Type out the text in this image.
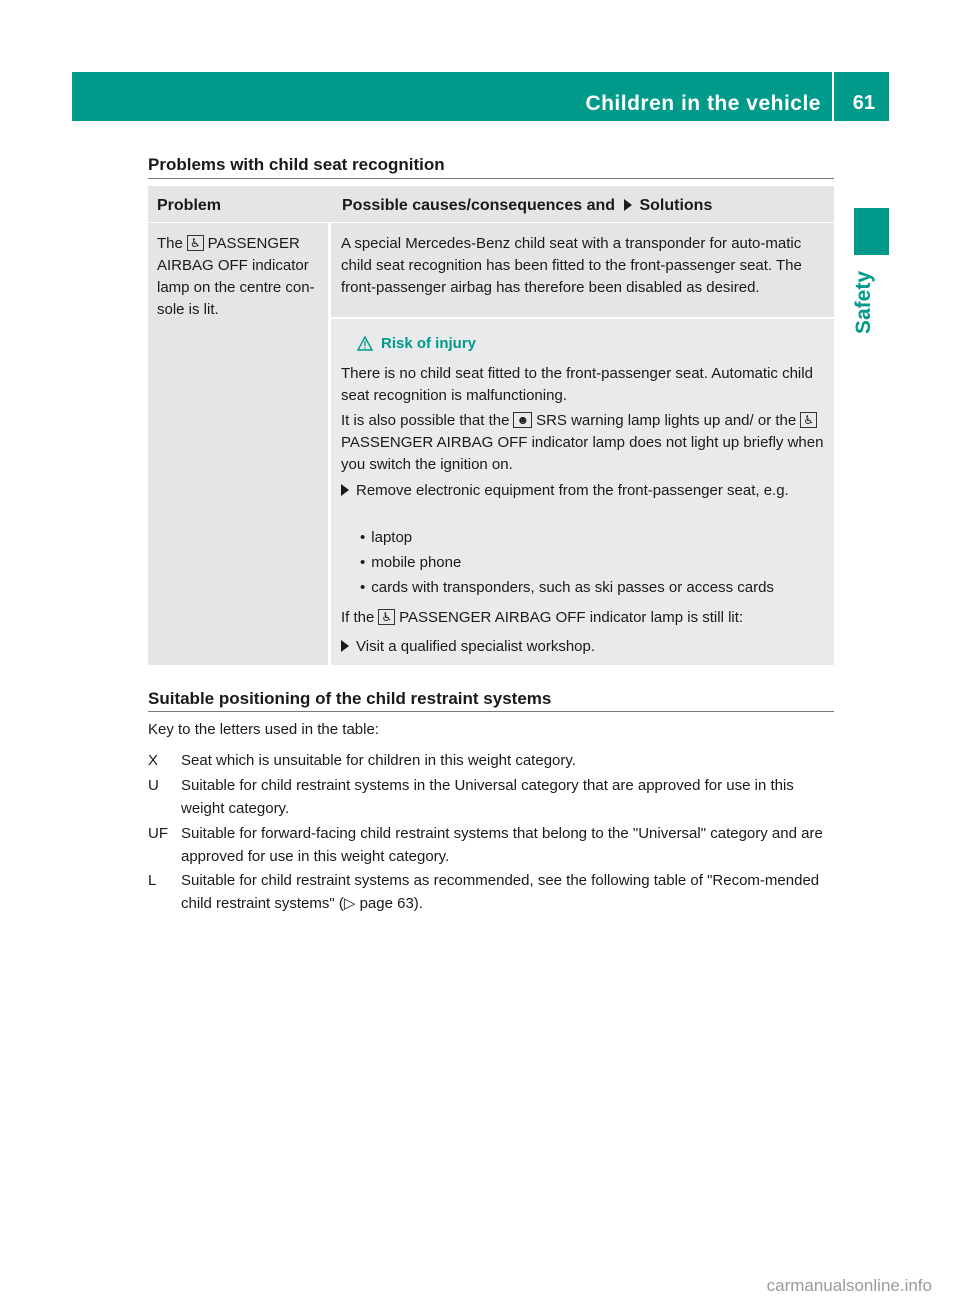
Children in the vehicle 61
Safety
Problems with child seat recognition
Problem	Possible causes/consequences and Solutions

The ♿ PASSENGER AIRBAG OFF indicator lamp on the centre con-sole is lit.

A special Mercedes-Benz child seat with a transponder for auto-matic child seat recognition has been fitted to the front-passenger seat. The front-passenger airbag has therefore been disabled as desired.

Risk of injury

There is no child seat fitted to the front-passenger seat. Automatic child seat recognition is malfunctioning.

It is also possible that the ☻ SRS warning lamp lights up and/ or the ♿PASSENGER AIRBAG OFF indicator lamp does not light up briefly when you switch the ignition on.

Remove electronic equipment from the front-passenger seat, e.g.

• laptop

• mobile phone

• cards with transponders, such as ski passes or access cards

If the ♿ PASSENGER AIRBAG OFF indicator lamp is still lit:

Visit a qualified specialist workshop.

Suitable positioning of the child restraint systems
Key to the letters used in the table:
X Seat which is unsuitable for children in this weight category.
U Suitable for child restraint systems in the Universal category that are approved for use in this weight category.
UF Suitable for forward-facing child restraint systems that belong to the "Universal" category and are approved for use in this weight category.
L Suitable for child restraint systems as recommended, see the following table of "Recom-mended child restraint systems" (▷ page 63).
carmanualsonline.info
